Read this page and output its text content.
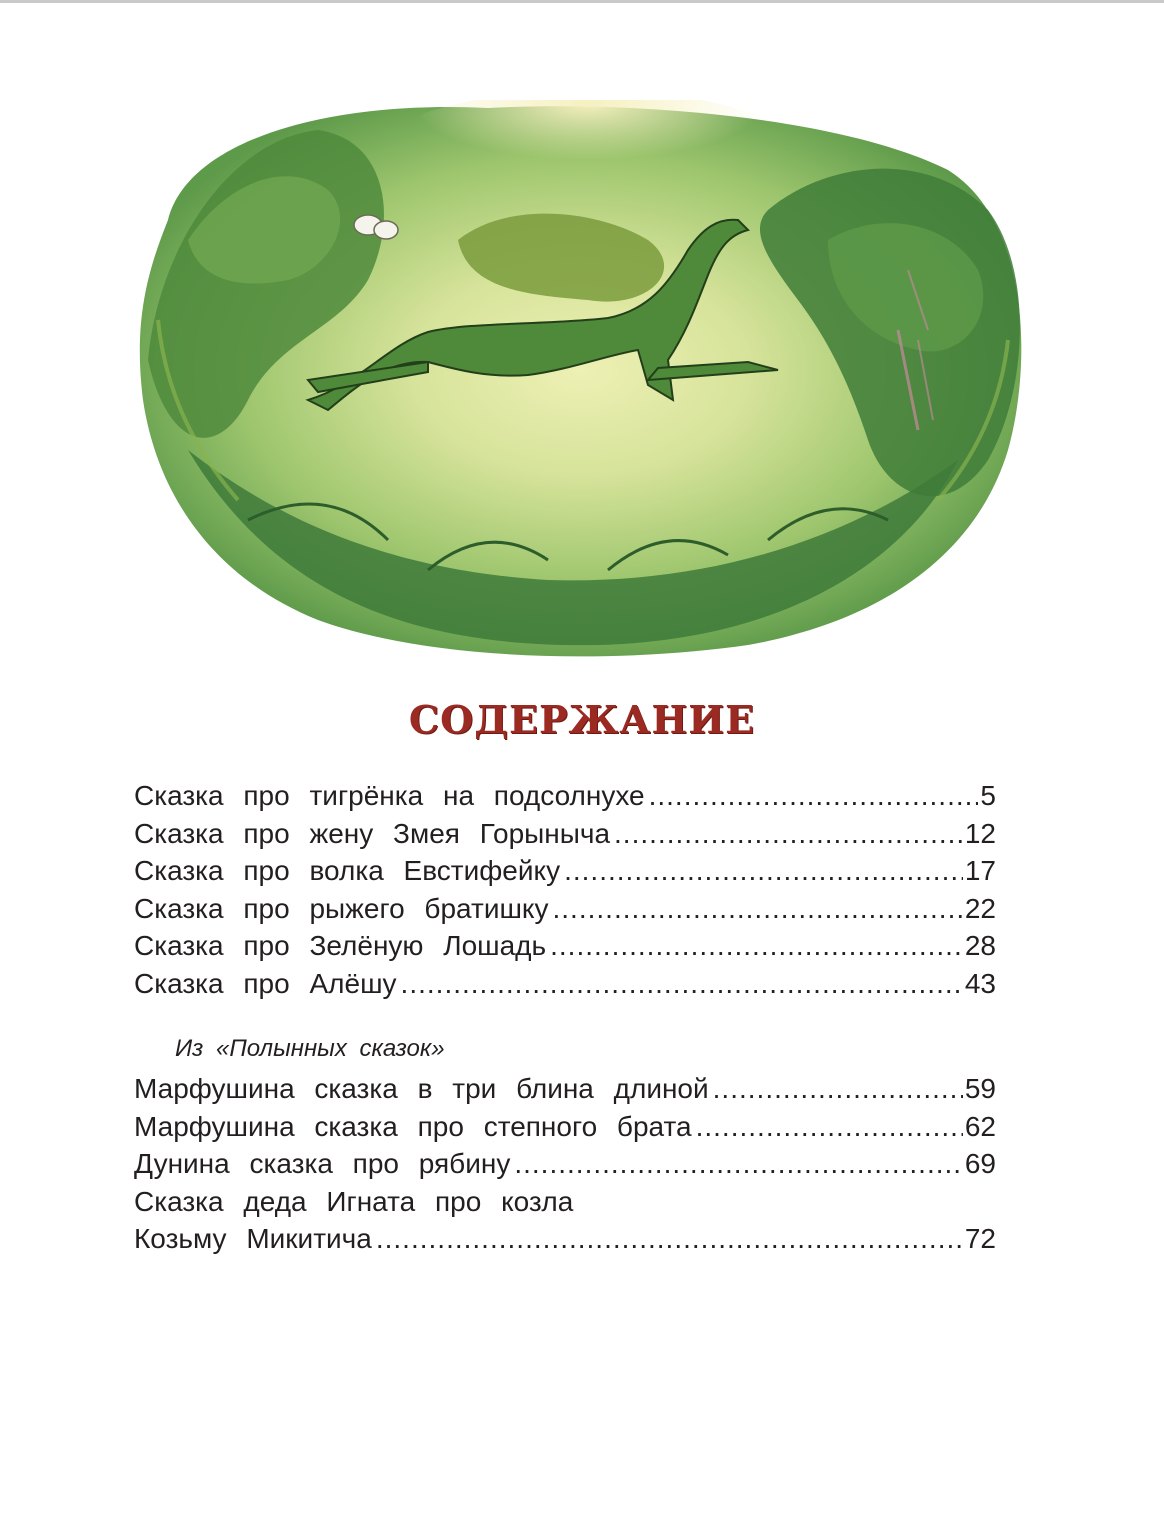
СОДЕРЖАНИЕ
Сказка про тигрёнка на подсолнухе .....	5
Сказка про жену Змея Горыныча .....	12
Сказка про волка Евстифейку .....	17
Сказка про рыжего братишку .....	22
Сказка про Зелёную Лошадь .....	28
Сказка про Алёшу .....	43
Из «Полынных сказок»
Марфушина сказка в три блина длиной .....	59
Марфушина сказка про степного брата .....	62
Дунина сказка про рябину .....	69
Сказка деда Игната про козла
Козьму Микитича .....	72
